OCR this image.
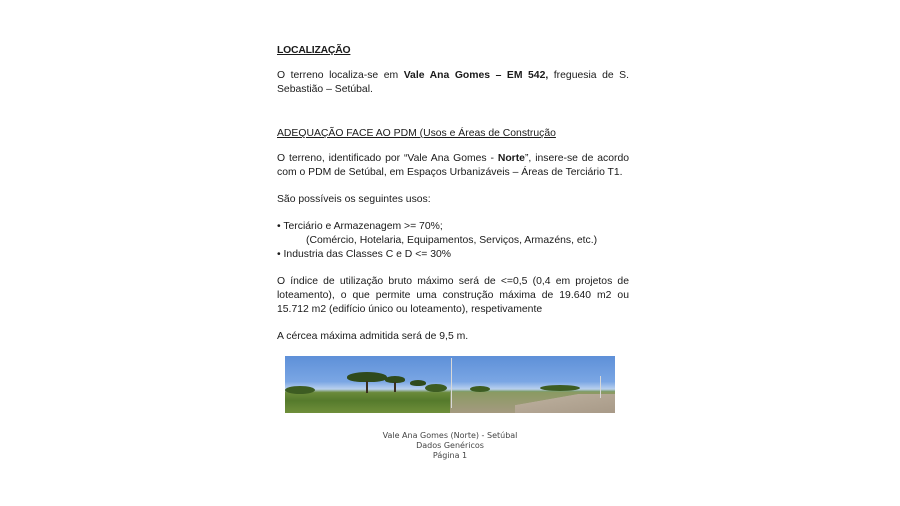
LOCALIZAÇÃO

O terreno localiza-se em Vale Ana Gomes – EM 542, freguesia de S. Sebastião – Setúbal.

ADEQUAÇÃO FACE AO PDM (Usos e Áreas de Construção

O terreno, identificado por “Vale Ana Gomes - Norte”, insere-se de acordo com o PDM de Setúbal, em Espaços Urbanizáveis – Áreas de Terciário T1.

São possíveis os seguintes usos:

• Terciário e Armazenagem >= 70%;
(Comércio, Hotelaria, Equipamentos, Serviços, Armazéns, etc.)
• Industria das Classes C e D <= 30%

O índice de utilização bruto máximo será de <=0,5 (0,4 em projetos de loteamento), o que permite uma construção máxima de 19.640 m2 ou 15.712 m2 (edifício único ou loteamento), respetivamente

A cércea máxima admitida será de 9,5 m.

Vale Ana Gomes (Norte) - Setúbal
Dados Genéricos
Página 1
